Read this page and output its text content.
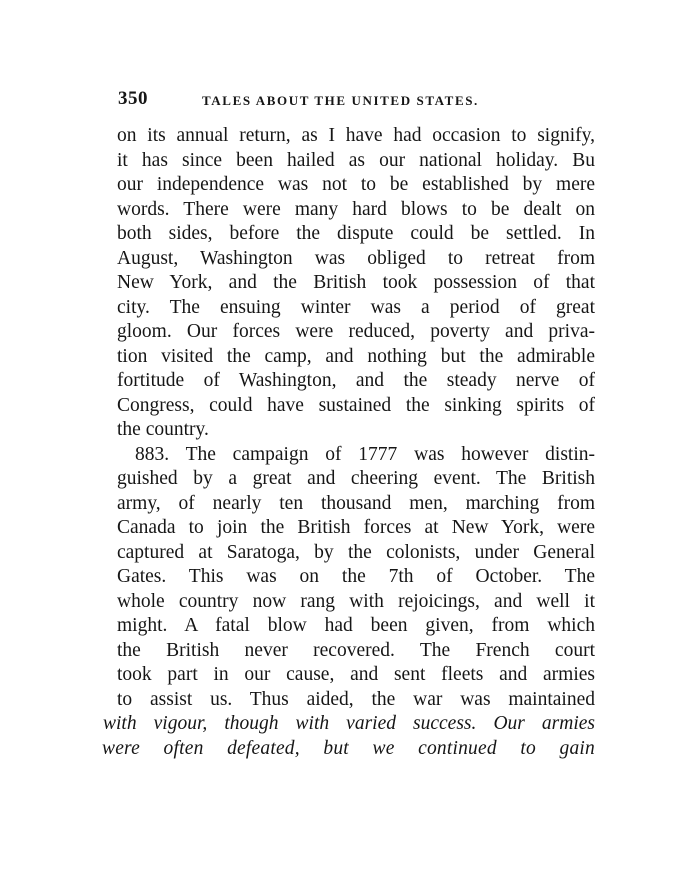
350	TALES ABOUT THE UNITED STATES.
on its annual return, as I have had occasion to signify,
it has since been hailed as our national holiday. Bu
our independence was not to be established by mere
words. There were many hard blows to be dealt on
both sides, before the dispute could be settled. In
August, Washington was obliged to retreat from
New York, and the British took possession of that
city. The ensuing winter was a period of great
gloom. Our forces were reduced, poverty and priva-
tion visited the camp, and nothing but the admirable
fortitude of Washington, and the steady nerve of
Congress, could have sustained the sinking spirits of
the country.
883. The campaign of 1777 was however distin-
guished by a great and cheering event. The British
army, of nearly ten thousand men, marching from
Canada to join the British forces at New York, were
captured at Saratoga, by the colonists, under General
Gates. This was on the 7th of October. The
whole country now rang with rejoicings, and well it
might. A fatal blow had been given, from which
the British never recovered. The French court
took part in our cause, and sent fleets and armies
to assist us. Thus aided, the war was maintained
with vigour, though with varied success. Our armies
were often defeated, but we continued to gain
